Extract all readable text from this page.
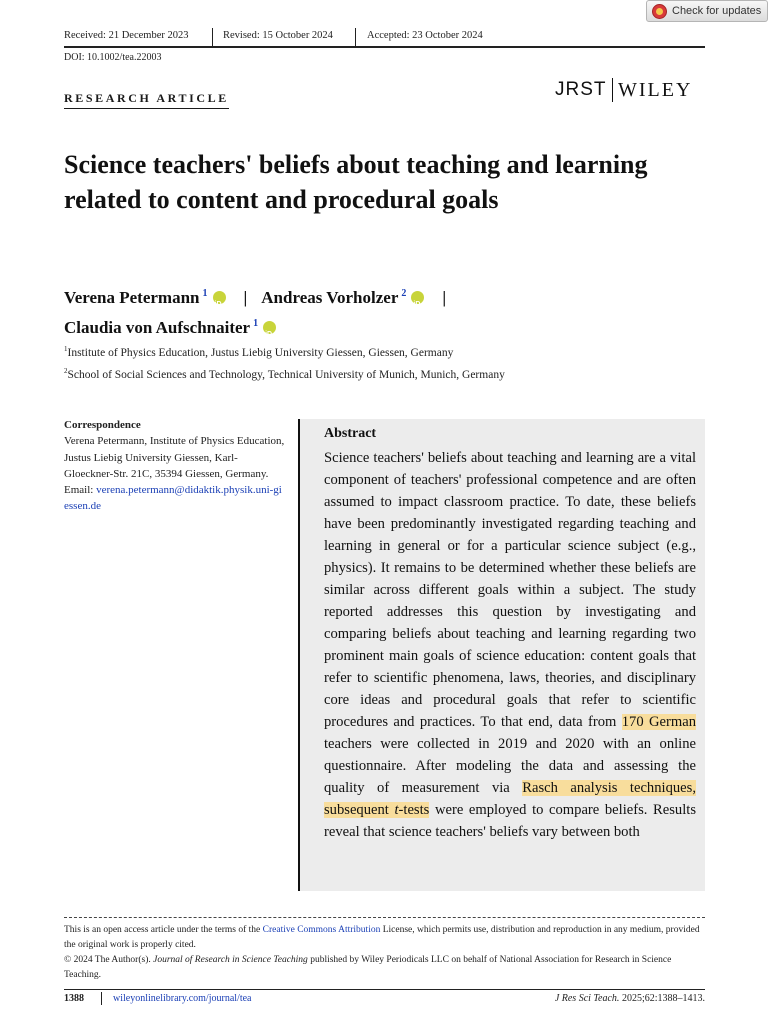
Check for updates
Received: 21 December 2023	Revised: 15 October 2024	Accepted: 23 October 2024
DOI: 10.1002/tea.22003
RESEARCH ARTICLE	JRST WILEY
Science teachers' beliefs about teaching and learning related to content and procedural goals
Verena Petermann $^1$ iD | Andreas Vorholzer $^2$ iD |
Claudia von Aufschnaiter $^1$iD
$^1$Institute of Physics Education, Justus Liebig University Giessen, Giessen, Germany
$^2$School of Social Sciences and Technology, Technical University of Munich, Munich, Germany
Correspondence
Verena Petermann, Institute of Physics Education, Justus Liebig University Giessen, Karl-Gloeckner-Str. 21C, 35394 Giessen, Germany.
Email: verena.petermann@didaktik.physik.uni-giessen.de
Abstract
Science teachers' beliefs about teaching and learning are a vital component of teachers' professional competence and are often assumed to impact classroom practice. To date, these beliefs have been predominantly investigated regarding teaching and learning in general or for a particular science subject (e.g., physics). It remains to be determined whether these beliefs are similar across different goals within a subject. The study reported addresses this question by investigating and comparing beliefs about teaching and learning regarding two prominent main goals of science education: content goals that refer to scientific phenomena, laws, theories, and disciplinary core ideas and procedural goals that refer to scientific procedures and practices. To that end, data from 170 German teachers were collected in 2019 and 2020 with an online questionnaire. After modeling the data and assessing the quality of measurement via Rasch analysis techniques, subsequent t-tests were employed to compare beliefs. Results reveal that science teachers' beliefs vary between both
This is an open access article under the terms of the Creative Commons Attribution License, which permits use, distribution and reproduction in any medium, provided the original work is properly cited.
© 2024 The Author(s). Journal of Research in Science Teaching published by Wiley Periodicals LLC on behalf of National Association for Research in Science Teaching.
1388	wileyonlinelibrary.com/journal/tea	J Res Sci Teach. 2025;62:1388–1413.
